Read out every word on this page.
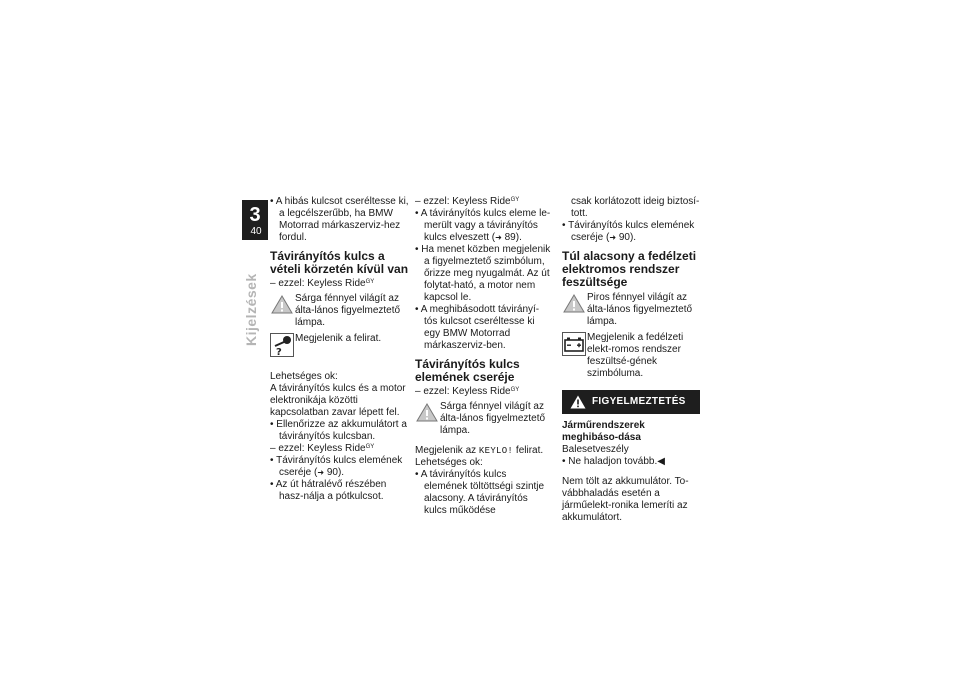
3
40
Kijelzések

• A hibás kulcsot cseréltesse ki, a legcélszerűbb, ha BMW Motorrad márkaszerviz-hez fordul.

Távirányítós kulcs a vételi körzetén kívül van

– ezzel: Keyless Ride$^{GY}$

Sárga fénnyel világít az álta-lános figyelmeztető lámpa.
?
Megjelenik a felirat.

Lehetséges ok:

A távirányítós kulcs és a motor elektronikája közötti kapcsolatban zavar lépett fel.

• Ellenőrizze az akkumulátort a távirányítós kulcsban.

– ezzel: Keyless Ride$^{GY}$

• Távirányítós kulcs elemének cseréje (➜ 90).

• Az út hátralévő részében hasz-nálja a pótkulcsot.

– ezzel: Keyless Ride$^{GY}$

• A távirányítós kulcs eleme le-merült vagy a távirányítós kulcs elveszett (➜ 89).

• Ha menet közben megjelenik a figyelmeztető szimbólum, őrizze meg nyugalmát. Az út folytat-ható, a motor nem kapcsol le.

• A meghibásodott távirányí-tós kulcsot cseréltesse ki egy BMW Motorrad márkaszerviz-ben.

Távirányítós kulcs elemének cseréje

– ezzel: Keyless Ride$^{GY}$

Sárga fénnyel világít az álta-lános figyelmeztető lámpa.

Megjelenik az KEYLO! felirat.

Lehetséges ok:

• A távirányítós kulcs elemének töltöttségi szintje alacsony. A távirányítós kulcs működése

csak korlátozott ideig biztosí-tott.

• Távirányítós kulcs elemének cseréje (➜ 90).

Túl alacsony a fedélzeti elektromos rendszer feszültsége
Piros fénnyel világít az álta-lános figyelmeztető lámpa.
Megjelenik a fedélzeti elekt-romos rendszer feszültsé-gének szimbóluma.
FIGYELMEZTETÉS

Járműrendszerek meghibáso-dása

Balesetveszély

• Ne haladjon tovább.◀

Nem tölt az akkumulátor. To-vábbhaladás esetén a járműelekt-ronika lemeríti az akkumulátort.
